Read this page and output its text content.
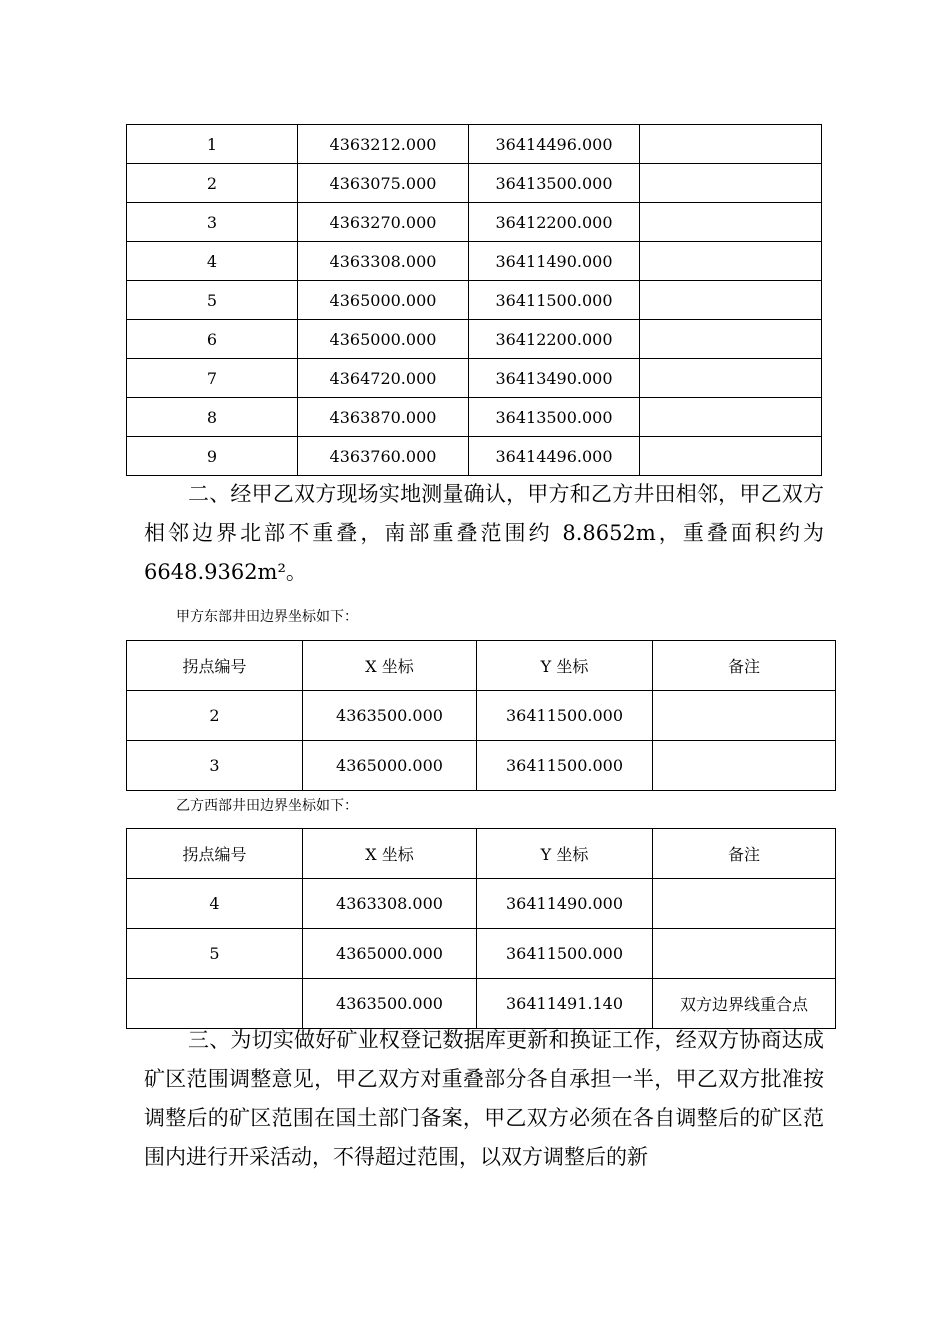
1	4363212.000	36414496.000	
2	4363075.000	36413500.000	
3	4363270.000	36412200.000	
4	4363308.000	36411490.000	
5	4365000.000	36411500.000	
6	4365000.000	36412200.000	
7	4364720.000	36413490.000	
8	4363870.000	36413500.000	
9	4363760.000	36414496.000	

二、经甲乙双方现场实地测量确认，甲方和乙方井田相邻，甲乙双方相邻边界北部不重叠，南部重叠范围约 8.8652m，重叠面积约为 6648.9362m²。

甲方东部井田边界坐标如下：
拐点编号	X 坐标	Y 坐标	备注
2	4363500.000	36411500.000	
3	4365000.000	36411500.000	
乙方西部井田边界坐标如下：
拐点编号	X 坐标	Y 坐标	备注
4	4363308.000	36411490.000	
5	4365000.000	36411500.000	
	4363500.000	36411491.140	双方边界线重合点

三、为切实做好矿业权登记数据库更新和换证工作，经双方协商达成矿区范围调整意见，甲乙双方对重叠部分各自承担一半，甲乙双方批准按调整后的矿区范围在国土部门备案，甲乙双方必须在各自调整后的矿区范围内进行开采活动，不得超过范围，以双方调整后的新
